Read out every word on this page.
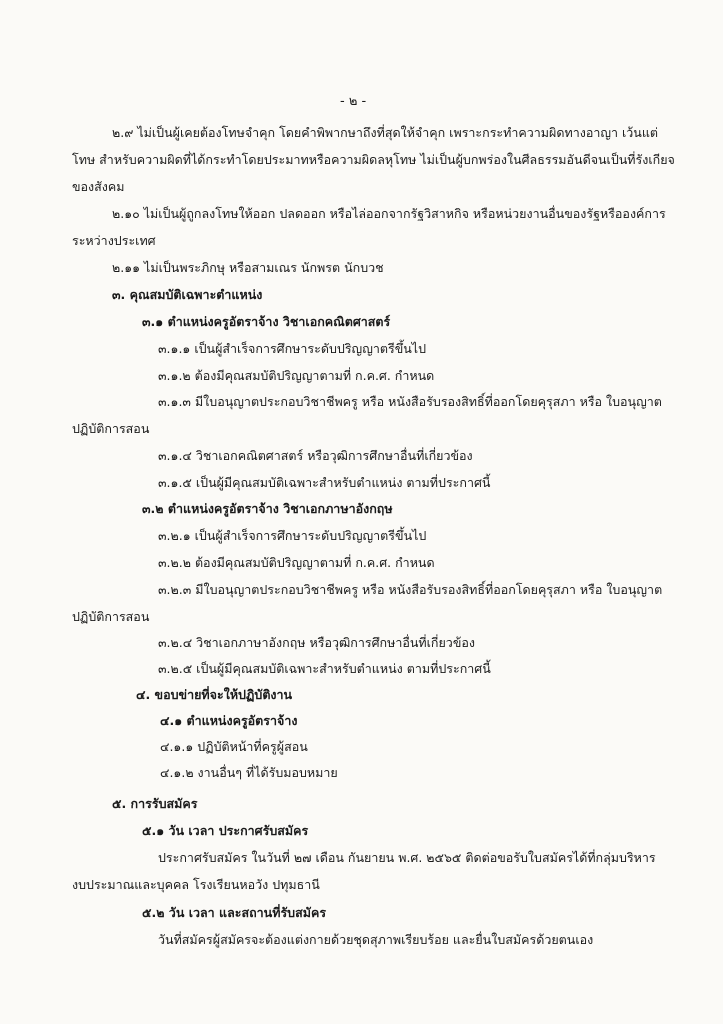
- ๒ -
๒.๙ ไม่เป็นผู้เคยต้องโทษจำคุก โดยคำพิพากษาถึงที่สุดให้จำคุก เพราะกระทำความผิดทางอาญา เว้นแต่
โทษ สำหรับความผิดที่ได้กระทำโดยประมาทหรือความผิดลหุโทษ ไม่เป็นผู้บกพร่องในศีลธรรมอันดีจนเป็นที่รังเกียจ
ของสังคม
๒.๑๐ ไม่เป็นผู้ถูกลงโทษให้ออก ปลดออก หรือไล่ออกจากรัฐวิสาหกิจ หรือหน่วยงานอื่นของรัฐหรือองค์การ
ระหว่างประเทศ
๒.๑๑ ไม่เป็นพระภิกษุ หรือสามเณร นักพรต นักบวช
๓. คุณสมบัติเฉพาะตำแหน่ง
๓.๑ ตำแหน่งครูอัตราจ้าง วิชาเอกคณิตศาสตร์
๓.๑.๑ เป็นผู้สำเร็จการศึกษาระดับปริญญาตรีขึ้นไป
๓.๑.๒ ต้องมีคุณสมบัติปริญญาตามที่ ก.ค.ศ. กำหนด
๓.๑.๓ มีใบอนุญาตประกอบวิชาชีพครู หรือ หนังสือรับรองสิทธิ์ที่ออกโดยคุรุสภา หรือ ใบอนุญาต
ปฏิบัติการสอน
๓.๑.๔ วิชาเอกคณิตศาสตร์ หรือวุฒิการศึกษาอื่นที่เกี่ยวข้อง
๓.๑.๕ เป็นผู้มีคุณสมบัติเฉพาะสำหรับตำแหน่ง ตามที่ประกาศนี้
๓.๒ ตำแหน่งครูอัตราจ้าง วิชาเอกภาษาอังกฤษ
๓.๒.๑ เป็นผู้สำเร็จการศึกษาระดับปริญญาตรีขึ้นไป
๓.๒.๒ ต้องมีคุณสมบัติปริญญาตามที่ ก.ค.ศ. กำหนด
๓.๒.๓ มีใบอนุญาตประกอบวิชาชีพครู หรือ หนังสือรับรองสิทธิ์ที่ออกโดยคุรุสภา หรือ ใบอนุญาต
ปฏิบัติการสอน
๓.๒.๔ วิชาเอกภาษาอังกฤษ หรือวุฒิการศึกษาอื่นที่เกี่ยวข้อง
๓.๒.๕ เป็นผู้มีคุณสมบัติเฉพาะสำหรับตำแหน่ง ตามที่ประกาศนี้
๔. ขอบข่ายที่จะให้ปฏิบัติงาน
๔.๑ ตำแหน่งครูอัตราจ้าง
๔.๑.๑ ปฏิบัติหน้าที่ครูผู้สอน
๔.๑.๒ งานอื่นๆ ที่ได้รับมอบหมาย
๕. การรับสมัคร
๕.๑ วัน เวลา ประกาศรับสมัคร
ประกาศรับสมัคร ในวันที่ ๒๗ เดือน กันยายน พ.ศ. ๒๕๖๕ ติดต่อขอรับใบสมัครได้ที่กลุ่มบริหาร
งบประมาณและบุคคล โรงเรียนหอวัง ปทุมธานี
๕.๒ วัน เวลา และสถานที่รับสมัคร
วันที่สมัครผู้สมัครจะต้องแต่งกายด้วยชุดสุภาพเรียบร้อย และยื่นใบสมัครด้วยตนเอง
